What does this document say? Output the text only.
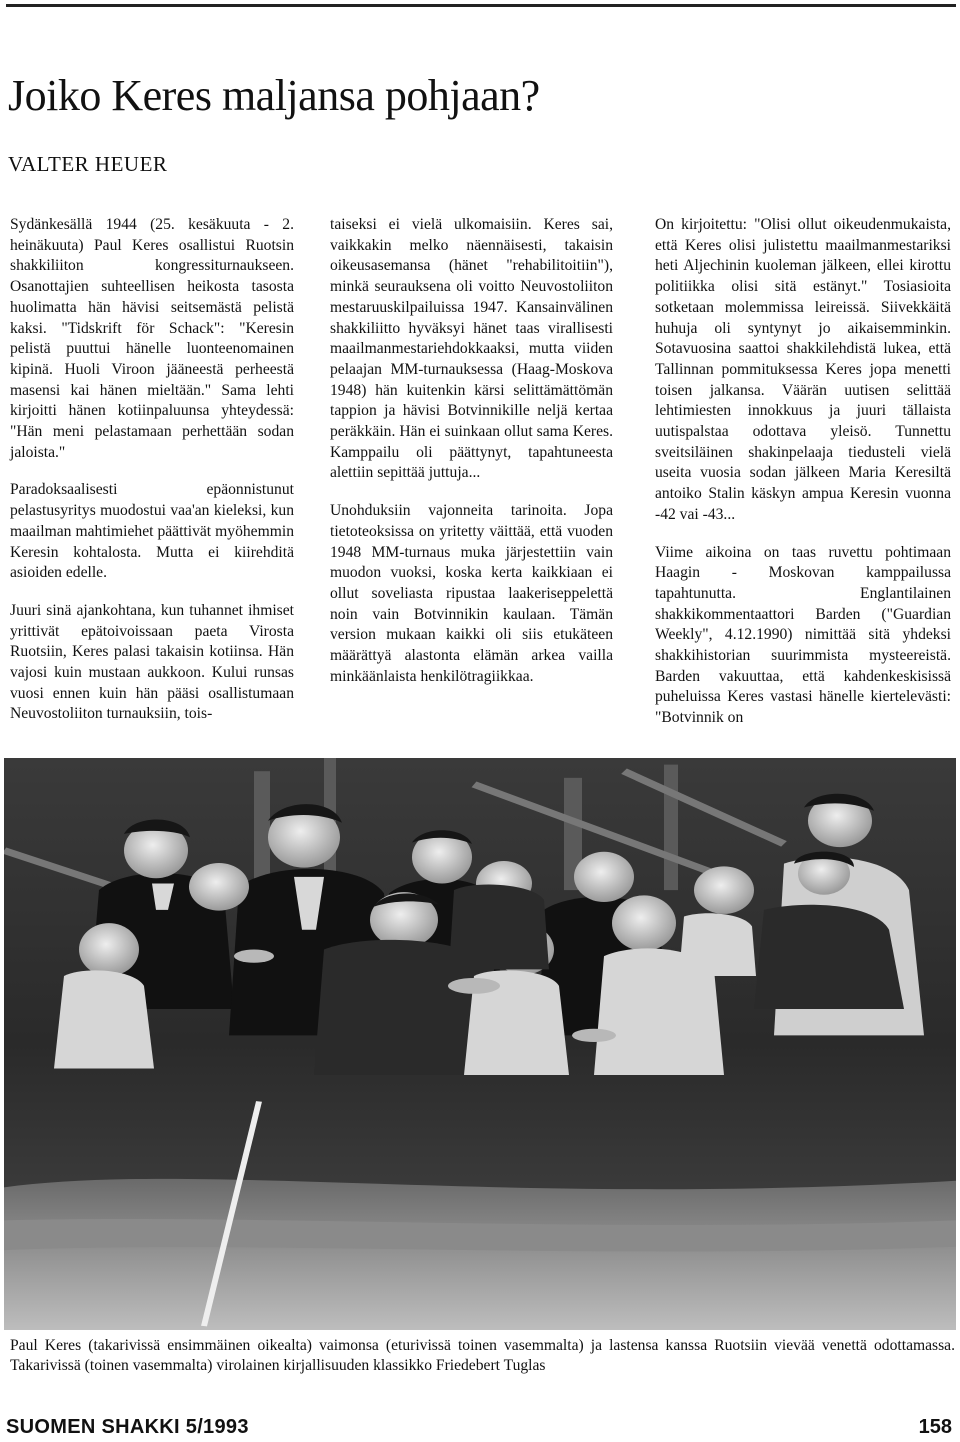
Joiko Keres maljansa pohjaan?
VALTER HEUER

Sydänkesällä 1944 (25. kesäkuuta - 2. heinäkuuta) Paul Keres osallistui Ruotsin shakkiliiton kongressiturnaukseen. Osanottajien suhteellisen heikosta tasosta huolimatta hän hävisi seitsemästä pelistä kaksi. "Tidskrift för Schack": "Keresin pelistä puuttui hänelle luonteenomainen kipinä. Huoli Viroon jääneestä perheestä masensi kai hänen mieltään." Sama lehti kirjoitti hänen kotiinpaluunsa yhteydessä: "Hän meni pelastamaan perhettään sodan jaloista."

Paradoksaalisesti epäonnistunut pelastusyritys muodostui vaa'an kieleksi, kun maailman mahtimiehet päättivät myöhemmin Keresin kohtalosta. Mutta ei kiirehditä asioiden edelle.

Juuri sinä ajankohtana, kun tuhannet ihmiset yrittivät epätoivoissaan paeta Virosta Ruotsiin, Keres palasi takaisin kotiinsa. Hän vajosi kuin mustaan aukkoon. Kului runsas vuosi ennen kuin hän pääsi osallistumaan Neuvostoliiton turnauksiin, tois-

taiseksi ei vielä ulkomaisiin. Keres sai, vaikkakin melko näennäisesti, takaisin oikeusasemansa (hänet "rehabilitoitiin"), minkä seurauksena oli voitto Neuvostoliiton mestaruuskilpailuissa 1947. Kansainvälinen shakkiliitto hyväksyi hänet taas virallisesti maailmanmestariehdokkaaksi, mutta viiden pelaajan MM-turnauksessa (Haag-Moskova 1948) hän kuitenkin kärsi selittämättömän tappion ja hävisi Botvinnikille neljä kertaa peräkkäin. Hän ei suinkaan ollut sama Keres. Kamppailu oli päättynyt, tapahtuneesta alettiin sepittää juttuja...

Unohduksiin vajonneita tarinoita. Jopa tietoteoksissa on yritetty väittää, että vuoden 1948 MM-turnaus muka järjestettiin vain muodon vuoksi, koska kerta kaikkiaan ei ollut soveliasta ripustaa laakeriseppelettä noin vain Botvinnikin kaulaan. Tämän version mukaan kaikki oli siis etukäteen määrättyä alastonta elämän arkea vailla minkäänlaista henkilötragiikkaa.

On kirjoitettu: "Olisi ollut oikeudenmukaista, että Keres olisi julistettu maailmanmestariksi heti Aljechinin kuoleman jälkeen, ellei kirottu politiikka olisi sitä estänyt." Tosiasioita sotketaan molemmissa leireissä. Siivekkäitä huhuja oli syntynyt jo aikaisemminkin. Sotavuosina saattoi shakkilehdistä lukea, että Tallinnan pommituksessa Keres jopa menetti toisen jalkansa. Väärän uutisen selittää lehtimiesten innokkuus ja juuri tällaista uutispalstaa odottava yleisö. Tunnettu sveitsiläinen shakinpelaaja tiedusteli vielä useita vuosia sodan jälkeen Maria Keresiltä antoiko Stalin käskyn ampua Keresin vuonna -42 vai -43...

Viime aikoina on taas ruvettu pohtimaan Haagin - Moskovan kamppailussa tapahtunutta. Englantilainen shakkikommentaattori Barden ("Guardian Weekly", 4.12.1990) nimittää sitä yhdeksi shakkihistorian suurimmista mysteereistä. Barden vakuuttaa, että kahdenkeskisissä puheluissa Keres vastasi hänelle kiertelevästi: "Botvinnik on

Paul Keres (takarivissä ensimmäinen oikealta) vaimonsa (eturivissä toinen vasemmalta) ja lastensa kanssa Ruotsiin vievää venettä odottamassa. Takarivissä (toinen vasemmalta) virolainen kirjallisuuden klassikko Friedebert Tuglas
SUOMEN SHAKKI 5/1993	158
